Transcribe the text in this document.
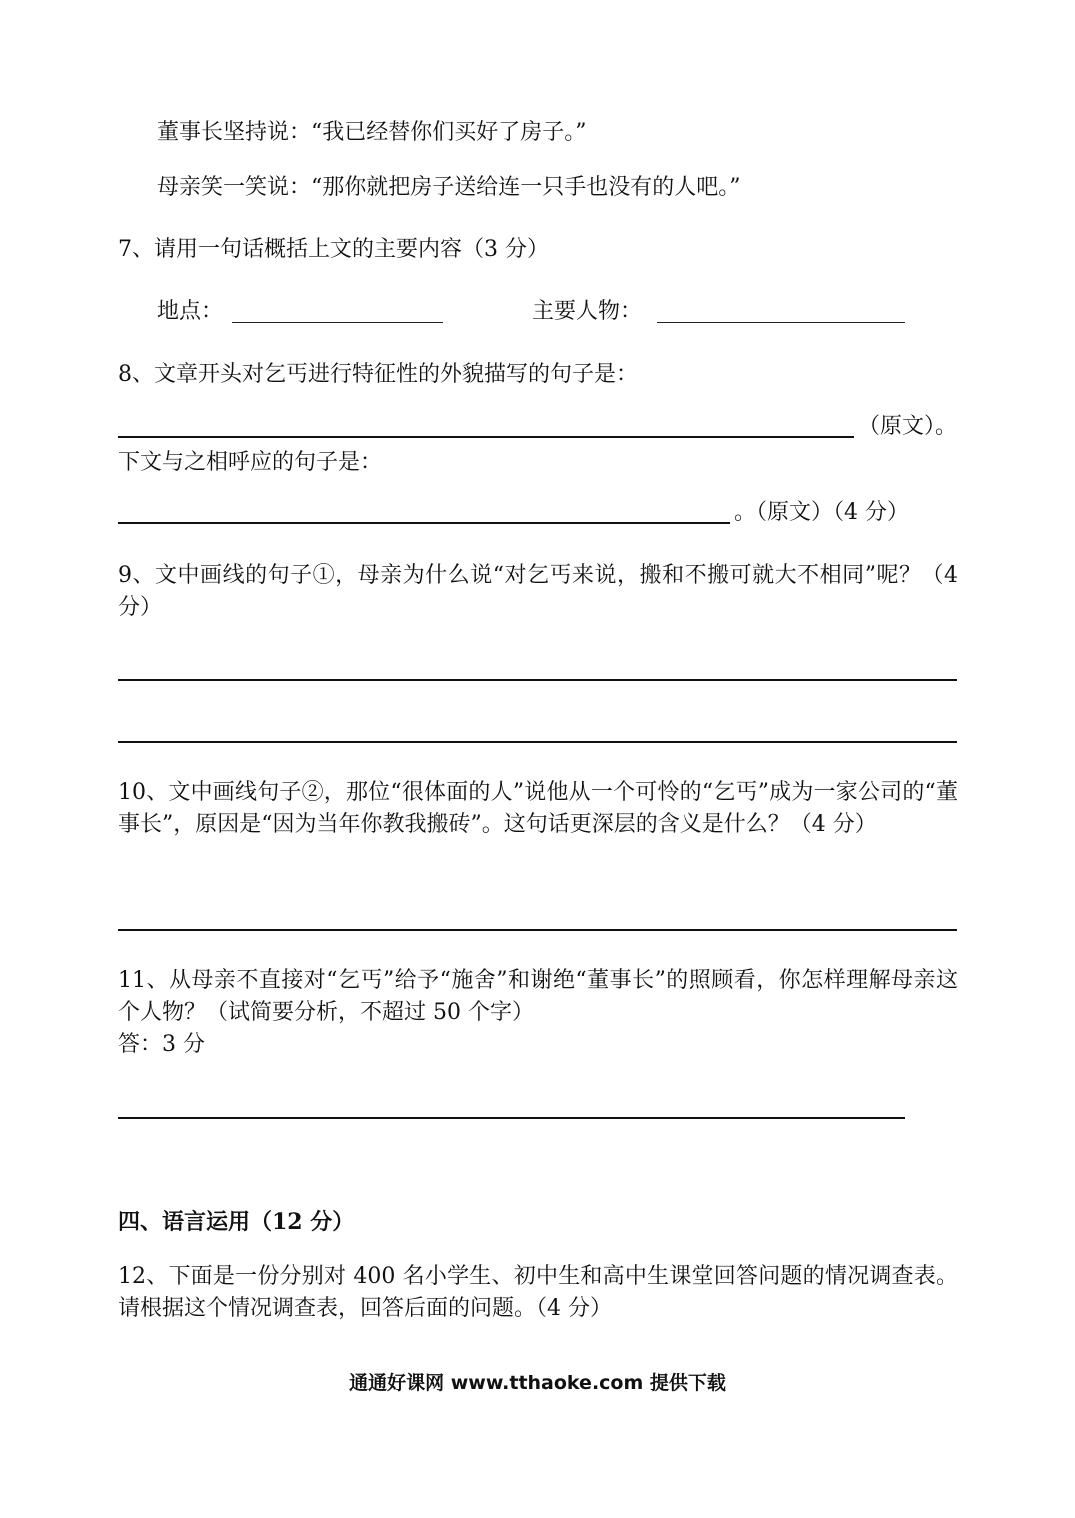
董事长坚持说：“我已经替你们买好了房子。”
母亲笑一笑说：“那你就把房子送给连一只手也没有的人吧。”
7、请用一句话概括上文的主要内容（3 分）
地点：	主要人物：
8、文章开头对乞丐进行特征性的外貌描写的句子是：
（原文）。
下文与之相呼应的句子是：
。（原文）（4 分）
9、文中画线的句子①，母亲为什么说“对乞丐来说，搬和不搬可就大不相同”呢？（4 分）
10、文中画线句子②，那位“很体面的人”说他从一个可怜的“乞丐”成为一家公司的“董事长”，原因是“因为当年你教我搬砖”。这句话更深层的含义是什么？（4 分）
11、从母亲不直接对“乞丐”给予“施舍”和谢绝“董事长”的照顾看，你怎样理解母亲这个人物？（试简要分析，不超过 50 个字）
答：3 分
四、语言运用（12 分）
12、下面是一份分别对 400 名小学生、初中生和高中生课堂回答问题的情况调查表。请根据这个情况调查表，回答后面的问题。（4 分）
通通好课网 www.tthaoke.com 提供下载
